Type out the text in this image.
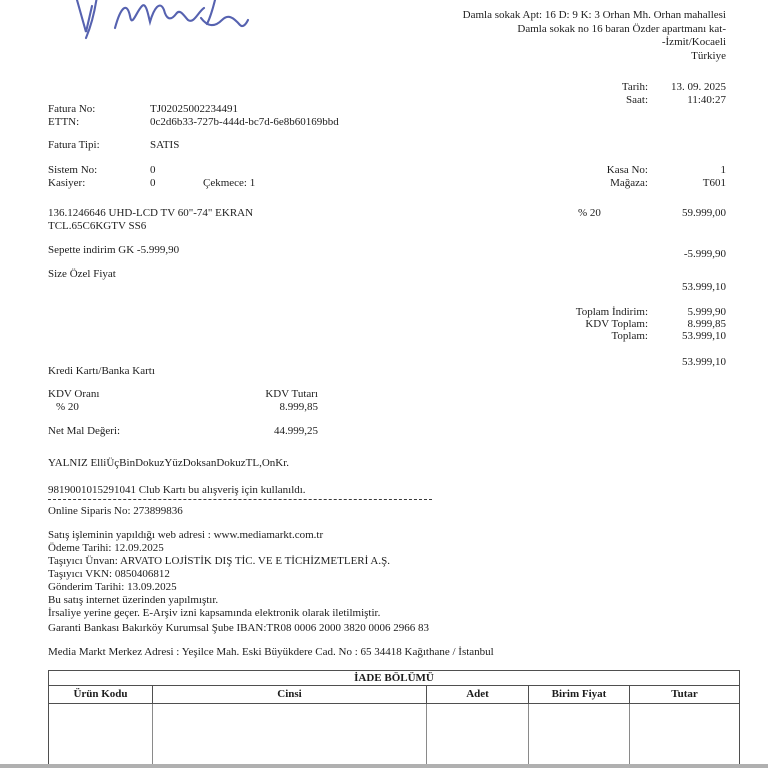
Damla sokak Apt: 16 D: 9 K: 3 Orhan Mh. Orhan mahallesi
Damla sokak no 16 baran Özder apartmanı kat-
-İzmit/Kocaeli
Türkiye
Tarih: 13. 09. 2025
Saat:	11:40:27
Fatura No:	TJ02025002234491
ETTN:	0c2d6b33-727b-444d-bc7d-6e8b60169bbd
Fatura Tipi:	SATIS
Sistem No:	0
Kasiyer:	0	Çekmece: 1
Kasa No:	1
Mağaza:	T601
136.1246646 UHD-LCD TV 60"-74" EKRAN
TCL.65C6KGTV SS6
% 20	59.999,00
Sepette indirim GK -5.999,90	-5.999,90
Size Özel Fiyat
53.999,10
Toplam İndirim:	5.999,90
KDV Toplam:	8.999,85
Toplam:	53.999,10
53.999,10
Kredi Kartı/Banka Kartı
KDV Oranı	KDV Tutarı
% 20	8.999,85
Net Mal Değeri:	44.999,25
YALNIZ ElliÜçBinDokuzYüzDoksanDokuzTL,OnKr.
9819001015291041 Club Kartı bu alışveriş için kullanıldı.
Online Siparis No: 273899836
Satış işleminin yapıldığı web adresi : www.mediamarkt.com.tr
Ödeme Tarihi: 12.09.2025
Taşıyıcı Ünvan: ARVATO LOJİSTİK DIŞ TİC. VE E TİCHİZMETLERİ A.Ş.
Taşıyıcı VKN: 0850406812
Gönderim Tarihi: 13.09.2025
Bu satış internet üzerinden yapılmıştır.
İrsaliye yerine geçer. E-Arşiv izni kapsamında elektronik olarak iletilmiştir.
Garanti Bankası Bakırköy Kurumsal Şube IBAN:TR08 0006 2000 3820 0006 2966 83
Media Markt Merkez Adresi : Yeşilce Mah. Eski Büyükdere Cad. No : 65 34418 Kağıthane / İstanbul
İADE BÖLÜMÜ
Ürün Kodu	Cinsi	Adet	Birim Fiyat	Tutar
